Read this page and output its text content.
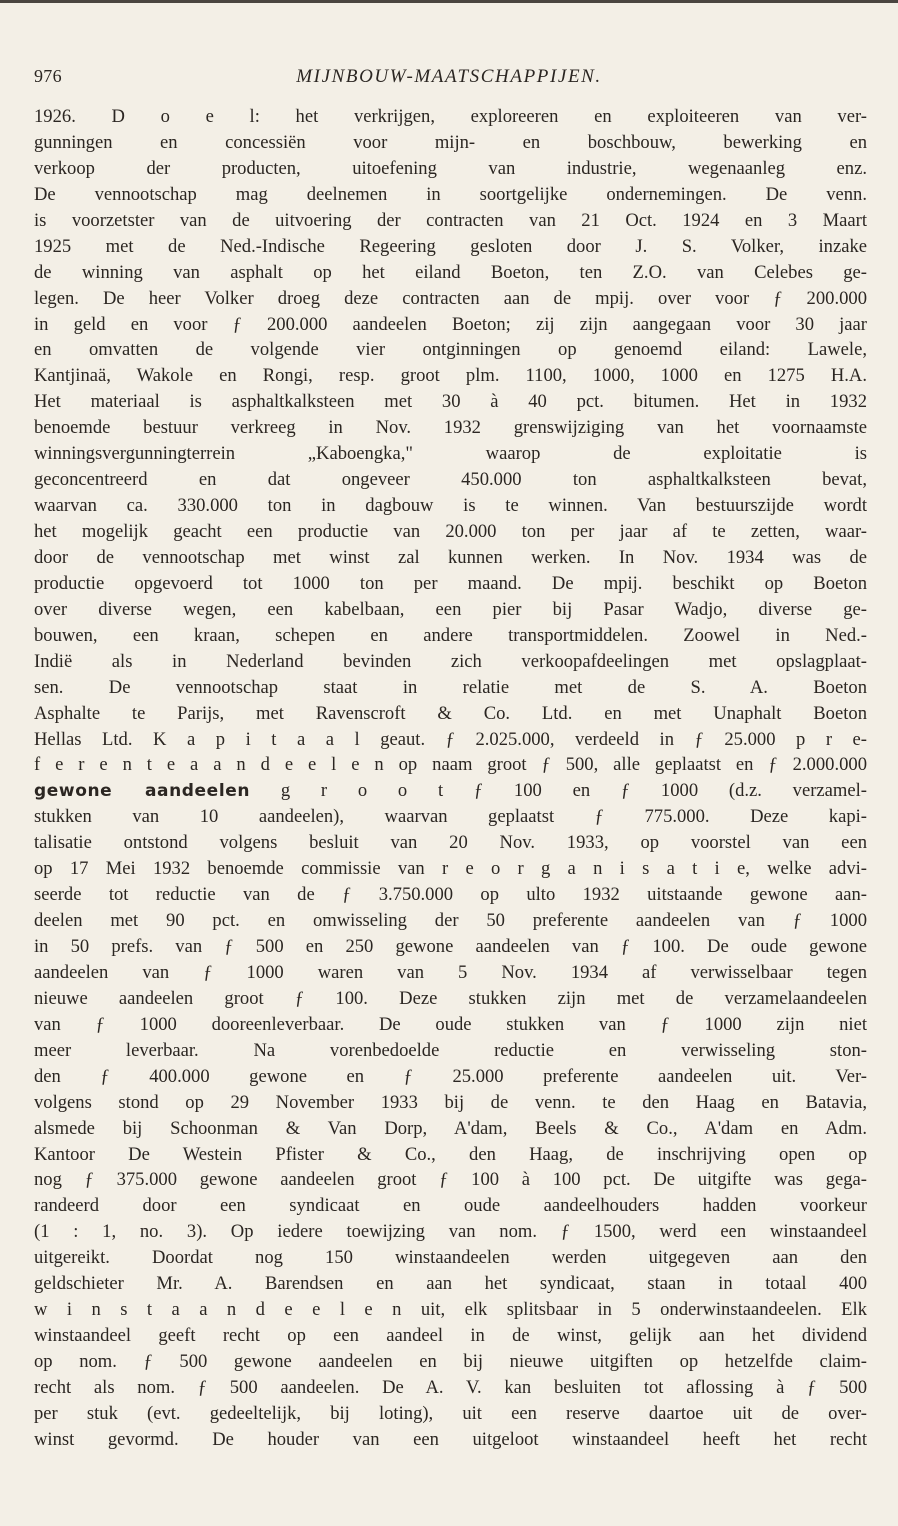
976	MIJNBOUW-MAATSCHAPPIJEN.
1926. D o e l: het verkrijgen, exploreeren en exploiteeren van ver-
gunningen en concessiën voor mijn- en boschbouw, bewerking en
verkoop der producten, uitoefening van industrie, wegenaanleg enz.
De vennootschap mag deelnemen in soortgelijke ondernemingen. De venn.
is voorzetster van de uitvoering der contracten van 21 Oct. 1924 en 3 Maart
1925 met de Ned.-Indische Regeering gesloten door J. S. Volker, inzake
de winning van asphalt op het eiland Boeton, ten Z.O. van Celebes ge-
legen. De heer Volker droeg deze contracten aan de mpij. over voor ƒ 200.000
in geld en voor ƒ 200.000 aandeelen Boeton; zij zijn aangegaan voor 30 jaar
en omvatten de volgende vier ontginningen op genoemd eiland: Lawele,
Kantjinaä, Wakole en Rongi, resp. groot plm. 1100, 1000, 1000 en 1275 H.A.
Het materiaal is asphaltkalksteen met 30 à 40 pct. bitumen. Het in 1932
benoemde bestuur verkreeg in Nov. 1932 grenswijziging van het voornaamste
winningsvergunningterrein „Kaboengka," waarop de exploitatie is
geconcentreerd en dat ongeveer 450.000 ton asphaltkalksteen bevat,
waarvan ca. 330.000 ton in dagbouw is te winnen. Van bestuurszijde wordt
het mogelijk geacht een productie van 20.000 ton per jaar af te zetten, waar-
door de vennootschap met winst zal kunnen werken. In Nov. 1934 was de
productie opgevoerd tot 1000 ton per maand. De mpij. beschikt op Boeton
over diverse wegen, een kabelbaan, een pier bij Pasar Wadjo, diverse ge-
bouwen, een kraan, schepen en andere transportmiddelen. Zoowel in Ned.-
Indië als in Nederland bevinden zich verkoopafdeelingen met opslagplaat-
sen. De vennootschap staat in relatie met de S. A. Boeton
Asphalte te Parijs, met Ravenscroft & Co. Ltd. en met Unaphalt Boeton
Hellas Ltd. K a p i t a a l geaut. ƒ 2.025.000, verdeeld in ƒ 25.000 p r e-
f e r e n t e a a n d e e l e n op naam groot ƒ 500, alle geplaatst en ƒ 2.000.000
gewone aandeelen g r o o t ƒ 100 en ƒ 1000 (d.z. verzamel-
stukken van 10 aandeelen), waarvan geplaatst ƒ 775.000. Deze kapi-
talisatie ontstond volgens besluit van 20 Nov. 1933, op voorstel van een
op 17 Mei 1932 benoemde commissie van r e o r g a n i s a t i e, welke advi-
seerde tot reductie van de ƒ 3.750.000 op ulto 1932 uitstaande gewone aan-
deelen met 90 pct. en omwisseling der 50 preferente aandeelen van ƒ 1000
in 50 prefs. van ƒ 500 en 250 gewone aandeelen van ƒ 100. De oude gewone
aandeelen van ƒ 1000 waren van 5 Nov. 1934 af verwisselbaar tegen
nieuwe aandeelen groot ƒ 100. Deze stukken zijn met de verzamelaandeelen
van ƒ 1000 dooreenleverbaar. De oude stukken van ƒ 1000 zijn niet
meer leverbaar. Na vorenbedoelde reductie en verwisseling ston-
den ƒ 400.000 gewone en ƒ 25.000 preferente aandeelen uit. Ver-
volgens stond op 29 November 1933 bij de venn. te den Haag en Batavia,
alsmede bij Schoonman & Van Dorp, A'dam, Beels & Co., A'dam en Adm.
Kantoor De Westein Pfister & Co., den Haag, de inschrijving open op
nog ƒ 375.000 gewone aandeelen groot ƒ 100 à 100 pct. De uitgifte was gega-
randeerd door een syndicaat en oude aandeelhouders hadden voorkeur
(1 : 1, no. 3). Op iedere toewijzing van nom. ƒ 1500, werd een winstaandeel
uitgereikt. Doordat nog 150 winstaandeelen werden uitgegeven aan den
geldschieter Mr. A. Barendsen en aan het syndicaat, staan in totaal 400
w i n s t a a n d e e l e n uit, elk splitsbaar in 5 onderwinstaandeelen. Elk
winstaandeel geeft recht op een aandeel in de winst, gelijk aan het dividend
op nom. ƒ 500 gewone aandeelen en bij nieuwe uitgiften op hetzelfde claim-
recht als nom. ƒ 500 aandeelen. De A. V. kan besluiten tot aflossing à ƒ 500
per stuk (evt. gedeeltelijk, bij loting), uit een reserve daartoe uit de over-
winst gevormd. De houder van een uitgeloot winstaandeel heeft het recht
